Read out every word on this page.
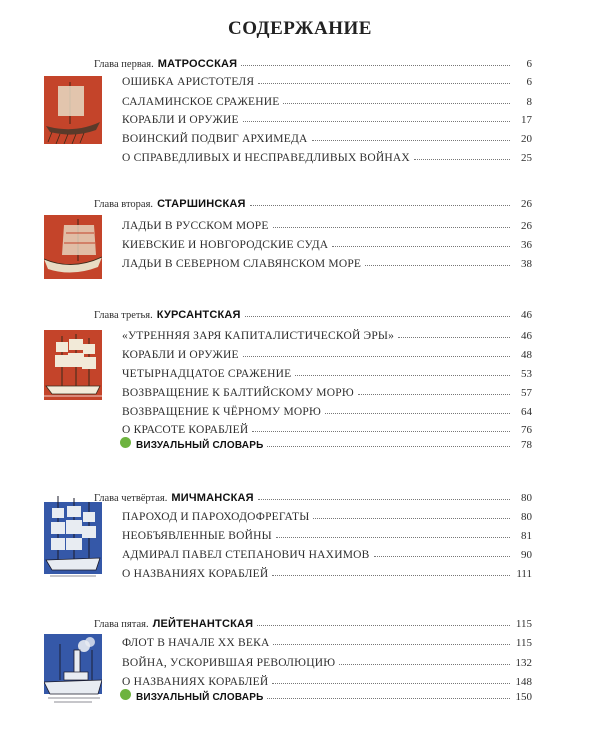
СОДЕРЖАНИЕ
Глава первая. МАТРОССКАЯ	6
ОШИБКА АРИСТОТЕЛЯ	6
САЛАМИНСКОЕ СРАЖЕНИЕ	8
КОРАБЛИ И ОРУЖИЕ	17
ВОИНСКИЙ ПОДВИГ АРХИМЕДА	20
О СПРАВЕДЛИВЫХ И НЕСПРАВЕДЛИВЫХ ВОЙНАХ	25
Глава вторая. СТАРШИНСКАЯ	26
ЛАДЬИ В РУССКОМ МОРЕ	26
КИЕВСКИЕ И НОВГОРОДСКИЕ СУДА	36
ЛАДЬИ В СЕВЕРНОМ СЛАВЯНСКОМ МОРЕ	38
Глава третья. КУРСАНТСКАЯ	46
«УТРЕННЯЯ ЗАРЯ КАПИТАЛИСТИЧЕСКОЙ ЭРЫ»	46
КОРАБЛИ И ОРУЖИЕ	48
ЧЕТЫРНАДЦАТОЕ СРАЖЕНИЕ	53
ВОЗВРАЩЕНИЕ К БАЛТИЙСКОМУ МОРЮ	57
ВОЗВРАЩЕНИЕ К ЧЁРНОМУ МОРЮ	64
О КРАСОТЕ КОРАБЛЕЙ	76
ВИЗУАЛЬНЫЙ СЛОВАРЬ	78
Глава четвёртая. МИЧМАНСКАЯ	80
ПАРОХОД И ПАРОХОДОФРЕГАТЫ	80
НЕОБЪЯВЛЕННЫЕ ВОЙНЫ	81
АДМИРАЛ ПАВЕЛ СТЕПАНОВИЧ НАХИМОВ	90
О НАЗВАНИЯХ КОРАБЛЕЙ	111
Глава пятая. ЛЕЙТЕНАНТСКАЯ	115
ФЛОТ В НАЧАЛЕ XX ВЕКА	115
ВОЙНА, УСКОРИВШАЯ РЕВОЛЮЦИЮ	132
О НАЗВАНИЯХ КОРАБЛЕЙ	148
ВИЗУАЛЬНЫЙ СЛОВАРЬ	150
